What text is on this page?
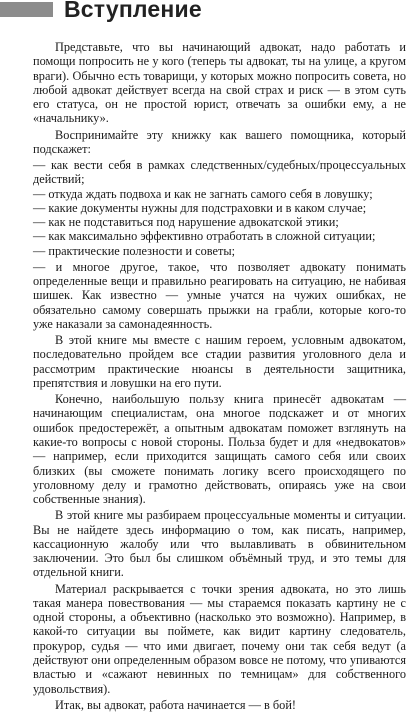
Вступление

Представьте, что вы начинающий адвокат, надо работать и помощи попросить не у кого (теперь ты адвокат, ты на улице, а кругом враги). Обычно есть товарищи, у которых можно попросить совета, но любой адвокат действует всегда на свой страх и риск — в этом суть его статуса, он не простой юрист, отвечать за ошибки ему, а не «начальнику».

Воспринимайте эту книжку как вашего помощника, который подскажет:

— как вести себя в рамках следственных/судебных/процессуальных действий;
— откуда ждать подвоха и как не загнать самого себя в ловушку;
— какие документы нужны для подстраховки и в каком случае;
— как не подставиться под нарушение адвокатской этики;
— как максимально эффективно отработать в сложной ситуации;
— практические полезности и советы;

— и многое другое, такое, что позволяет адвокату понимать определенные вещи и правильно реагировать на ситуацию, не набивая шишек. Как известно — умные учатся на чужих ошибках, не обязательно самому совершать прыжки на грабли, которые кого-то уже наказали за самонадеянность.

В этой книге мы вместе с нашим героем, условным адвокатом, последовательно пройдем все стадии развития уголовного дела и рассмотрим практические нюансы в деятельности защитника, препятствия и ловушки на его пути.

Конечно, наибольшую пользу книга принесёт адвокатам — начинающим специалистам, она многое подскажет и от многих ошибок предостережёт, а опытным адвокатам поможет взглянуть на какие-то вопросы с новой стороны. Польза будет и для «недвокатов» — например, если приходится защищать самого себя или своих близких (вы сможете понимать логику всего происходящего по уголовному делу и грамотно действовать, опираясь уже на свои собственные знания).

В этой книге мы разбираем процессуальные моменты и ситуации. Вы не найдете здесь информацию о том, как писать, например, кассационную жалобу или что вылавливать в обвинительном заключении. Это был бы слишком объёмный труд, и это темы для отдельной книги.

Материал раскрывается с точки зрения адвоката, но это лишь такая манера повествования — мы стараемся показать картину не с одной стороны, а объективно (насколько это возможно). Например, в какой-то ситуации вы поймете, как видит картину следователь, прокурор, судья — что ими двигает, почему они так себя ведут (а действуют они определенным образом вовсе не потому, что упиваются властью и «сажают невинных по темницам» для собственного удовольствия).

Итак, вы адвокат, работа начинается — в бой!
